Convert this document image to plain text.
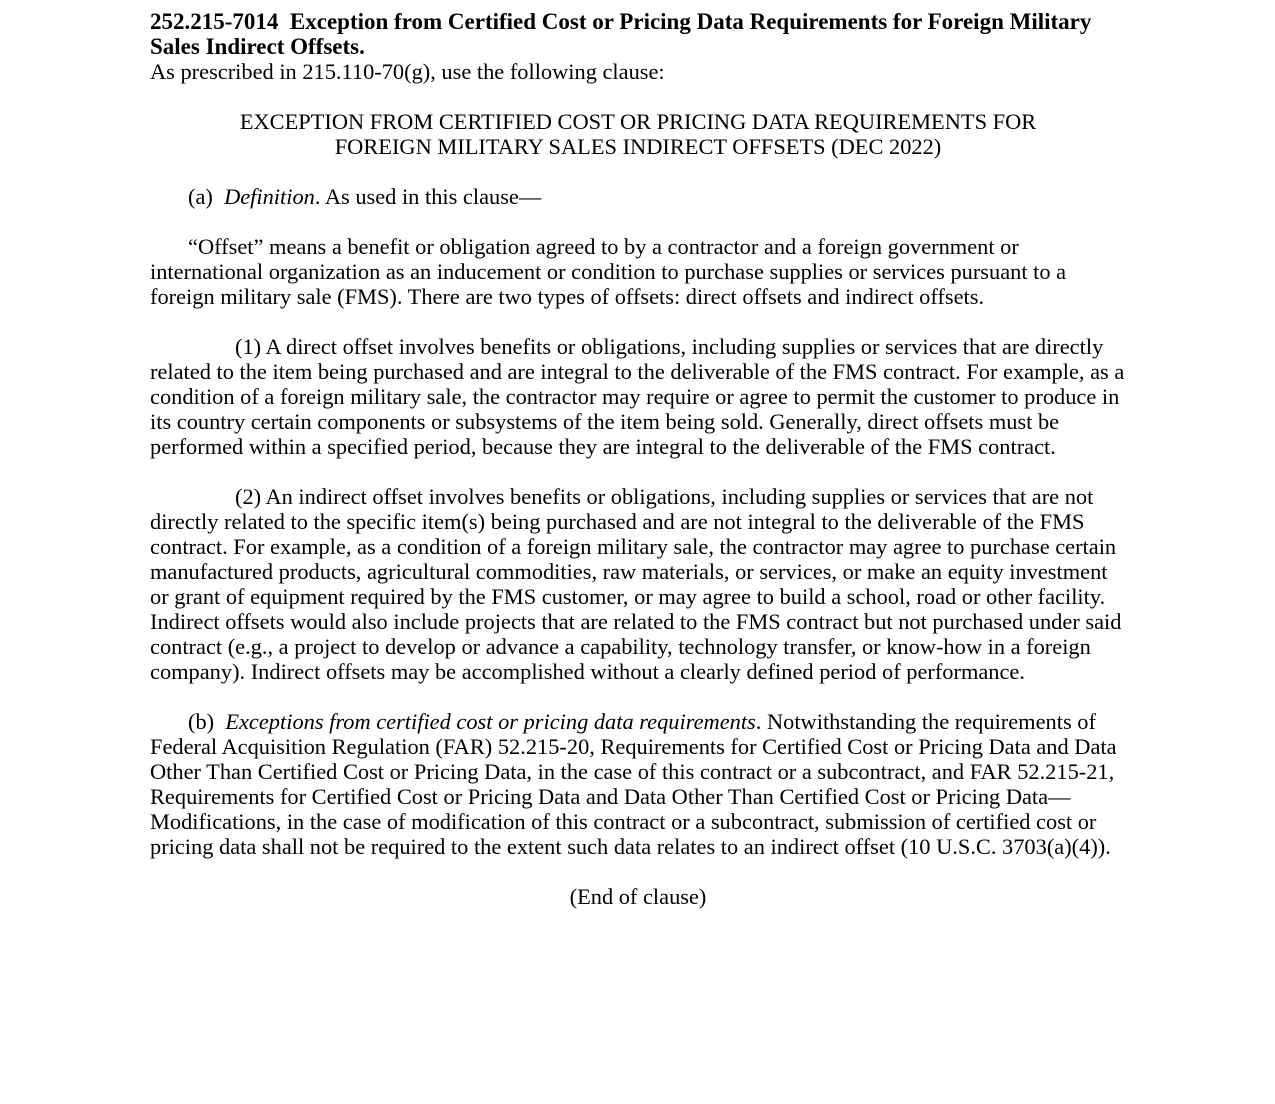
252.215-7014 Exception from Certified Cost or Pricing Data Requirements for Foreign Military Sales Indirect Offsets.

As prescribed in 215.110-70(g), use the following clause:

EXCEPTION FROM CERTIFIED COST OR PRICING DATA REQUIREMENTS FOR
FOREIGN MILITARY SALES INDIRECT OFFSETS (DEC 2022)

(a) Definition. As used in this clause—

“Offset” means a benefit or obligation agreed to by a contractor and a foreign government or international organization as an inducement or condition to purchase supplies or services pursuant to a foreign military sale (FMS). There are two types of offsets: direct offsets and indirect offsets.

(1) A direct offset involves benefits or obligations, including supplies or services that are directly related to the item being purchased and are integral to the deliverable of the FMS contract. For example, as a condition of a foreign military sale, the contractor may require or agree to permit the customer to produce in its country certain components or subsystems of the item being sold. Generally, direct offsets must be performed within a specified period, because they are integral to the deliverable of the FMS contract.

(2) An indirect offset involves benefits or obligations, including supplies or services that are not directly related to the specific item(s) being purchased and are not integral to the deliverable of the FMS contract. For example, as a condition of a foreign military sale, the contractor may agree to purchase certain manufactured products, agricultural commodities, raw materials, or services, or make an equity investment or grant of equipment required by the FMS customer, or may agree to build a school, road or other facility. Indirect offsets would also include projects that are related to the FMS contract but not purchased under said contract (e.g., a project to develop or advance a capability, technology transfer, or know-how in a foreign company). Indirect offsets may be accomplished without a clearly defined period of performance.

(b) Exceptions from certified cost or pricing data requirements. Notwithstanding the requirements of Federal Acquisition Regulation (FAR) 52.215-20, Requirements for Certified Cost or Pricing Data and Data Other Than Certified Cost or Pricing Data, in the case of this contract or a subcontract, and FAR 52.215-21, Requirements for Certified Cost or Pricing Data and Data Other Than Certified Cost or Pricing Data—Modifications, in the case of modification of this contract or a subcontract, submission of certified cost or pricing data shall not be required to the extent such data relates to an indirect offset (10 U.S.C. 3703(a)(4)).

(End of clause)
